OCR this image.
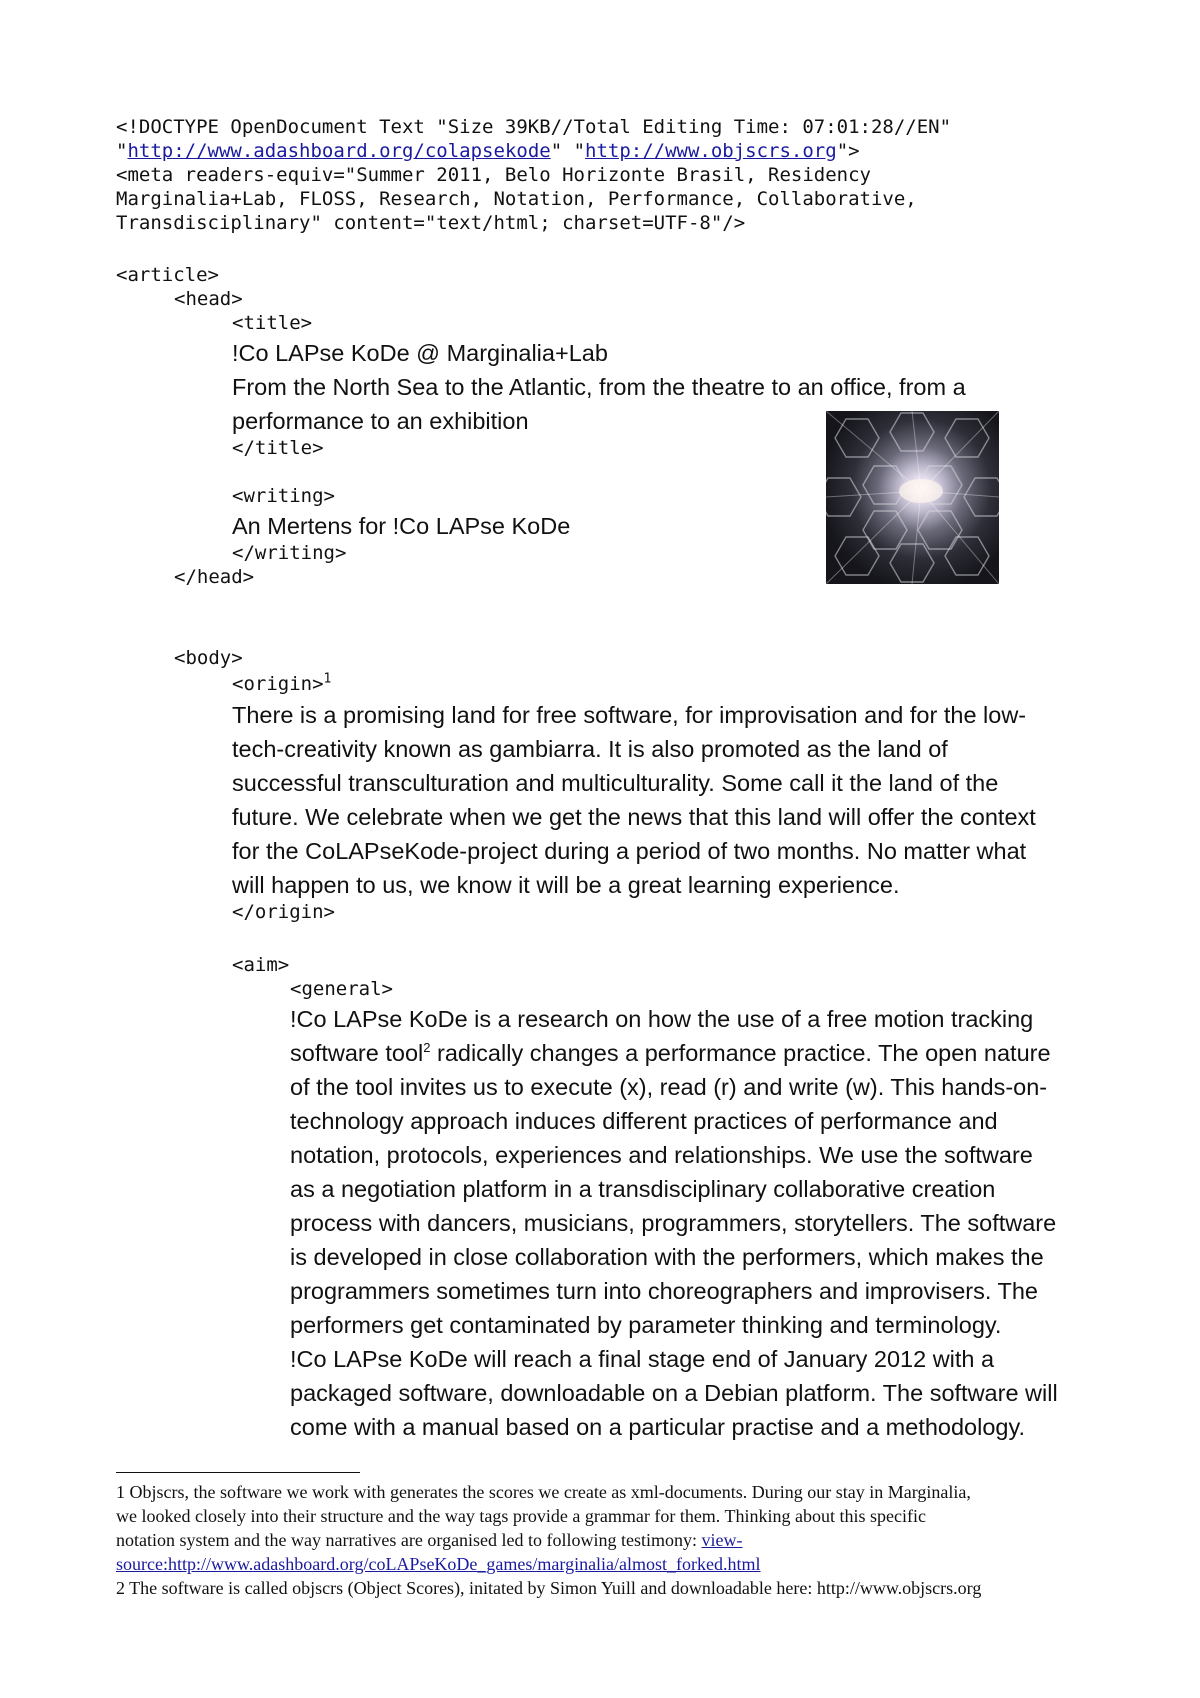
<!DOCTYPE OpenDocument Text "Size 39KB//Total Editing Time: 07:01:28//EN"
"http://www.adashboard.org/colapsekode" "http://www.objscrs.org">
<meta readers-equiv="Summer 2011, Belo Horizonte Brasil, Residency
Marginalia+Lab, FLOSS, Research, Notation, Performance, Collaborative,
Transdisciplinary" content="text/html; charset=UTF-8"/>
<article>
<head>
<title>
!Co LAPse KoDe @ Marginalia+Lab
From the North Sea to the Atlantic, from the theatre to an office, from a
performance to an exhibition
</title>
<writing>
An Mertens for !Co LAPse KoDe
</writing>
</head>
<body>
<origin>$^1$
There is a promising land for free software, for improvisation and for the low-
tech-creativity known as gambiarra. It is also promoted as the land of
successful transculturation and multiculturality. Some call it the land of the
future. We celebrate when we get the news that this land will offer the context
for the CoLAPseKode-project during a period of two months. No matter what
will happen to us, we know it will be a great learning experience.
</origin>
<aim>
<general>
!Co LAPse KoDe is a research on how the use of a free motion tracking
software tool$^2$ radically changes a performance practice. The open nature
of the tool invites us to execute (x), read (r) and write (w). This hands-on-
technology approach induces different practices of performance and
notation, protocols, experiences and relationships. We use the software
as a negotiation platform in a transdisciplinary collaborative creation
process with dancers, musicians, programmers, storytellers. The software
is developed in close collaboration with the performers, which makes the
programmers sometimes turn into choreographers and improvisers. The
performers get contaminated by parameter thinking and terminology.
!Co LAPse KoDe will reach a final stage end of January 2012 with a
packaged software, downloadable on a Debian platform. The software will
come with a manual based on a particular practise and a methodology.
1 Objscrs, the software we work with generates the scores we create as xml-documents. During our stay in Marginalia,
we looked closely into their structure and the way tags provide a grammar for them. Thinking about this specific
notation system and the way narratives are organised led to following testimony: view-
source:http://www.adashboard.org/coLAPseKoDe_games/marginalia/almost_forked.html
2 The software is called objscrs (Object Scores), initated by Simon Yuill and downloadable here: http://www.objscrs.org
